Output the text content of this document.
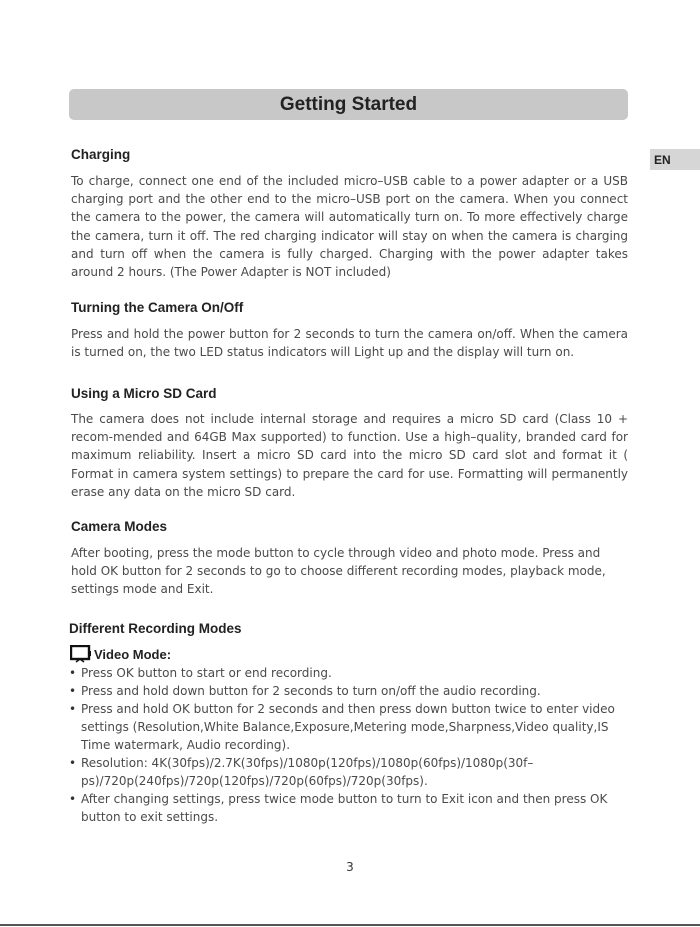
Getting Started
EN
Charging

To charge, connect one end of the included micro–USB cable to a power adapter or a USB charging port and the other end to the micro–USB port on the camera. When you connect the camera to the power, the camera will automatically turn on. To more effectively charge the camera, turn it off. The red charging indicator will stay on when the camera is charging and turn off when the camera is fully charged. Charging with the power adapter takes around 2 hours. (The Power Adapter is NOT included)

Turning the Camera On/Off

Press and hold the power button for 2 seconds to turn the camera on/off. When the camera is turned on, the two LED status indicators will Light up and the display will turn on.

Using a Micro SD Card

The camera does not include internal storage and requires a micro SD card (Class 10 + recom-mended and 64GB Max supported) to function. Use a high–quality, branded card for maximum reliability. Insert a micro SD card into the micro SD card slot and format it ( Format in camera system settings) to prepare the card for use. Formatting will permanently erase any data on the micro SD card.

Camera Modes

After booting, press the mode button to cycle through video and photo mode. Press and hold OK button for 2 seconds to go to choose different recording modes, playback mode, settings mode and Exit.

Different Recording Modes
Video Mode:
• Press OK button to start or end recording.
• Press and hold down button for 2 seconds to turn on/off the audio recording.
• Press and hold OK button for 2 seconds and then press down button twice to enter video settings (Resolution,White Balance,Exposure,Metering mode,Sharpness,Video quality,IS Time watermark, Audio recording).
• Resolution: 4K(30fps)/2.7K(30fps)/1080p(120fps)/1080p(60fps)/1080p(30f–ps)/720p(240fps)/720p(120fps)/720p(60fps)/720p(30fps).
• After changing settings, press twice mode button to turn to Exit icon and then press OK button to exit settings.
3
